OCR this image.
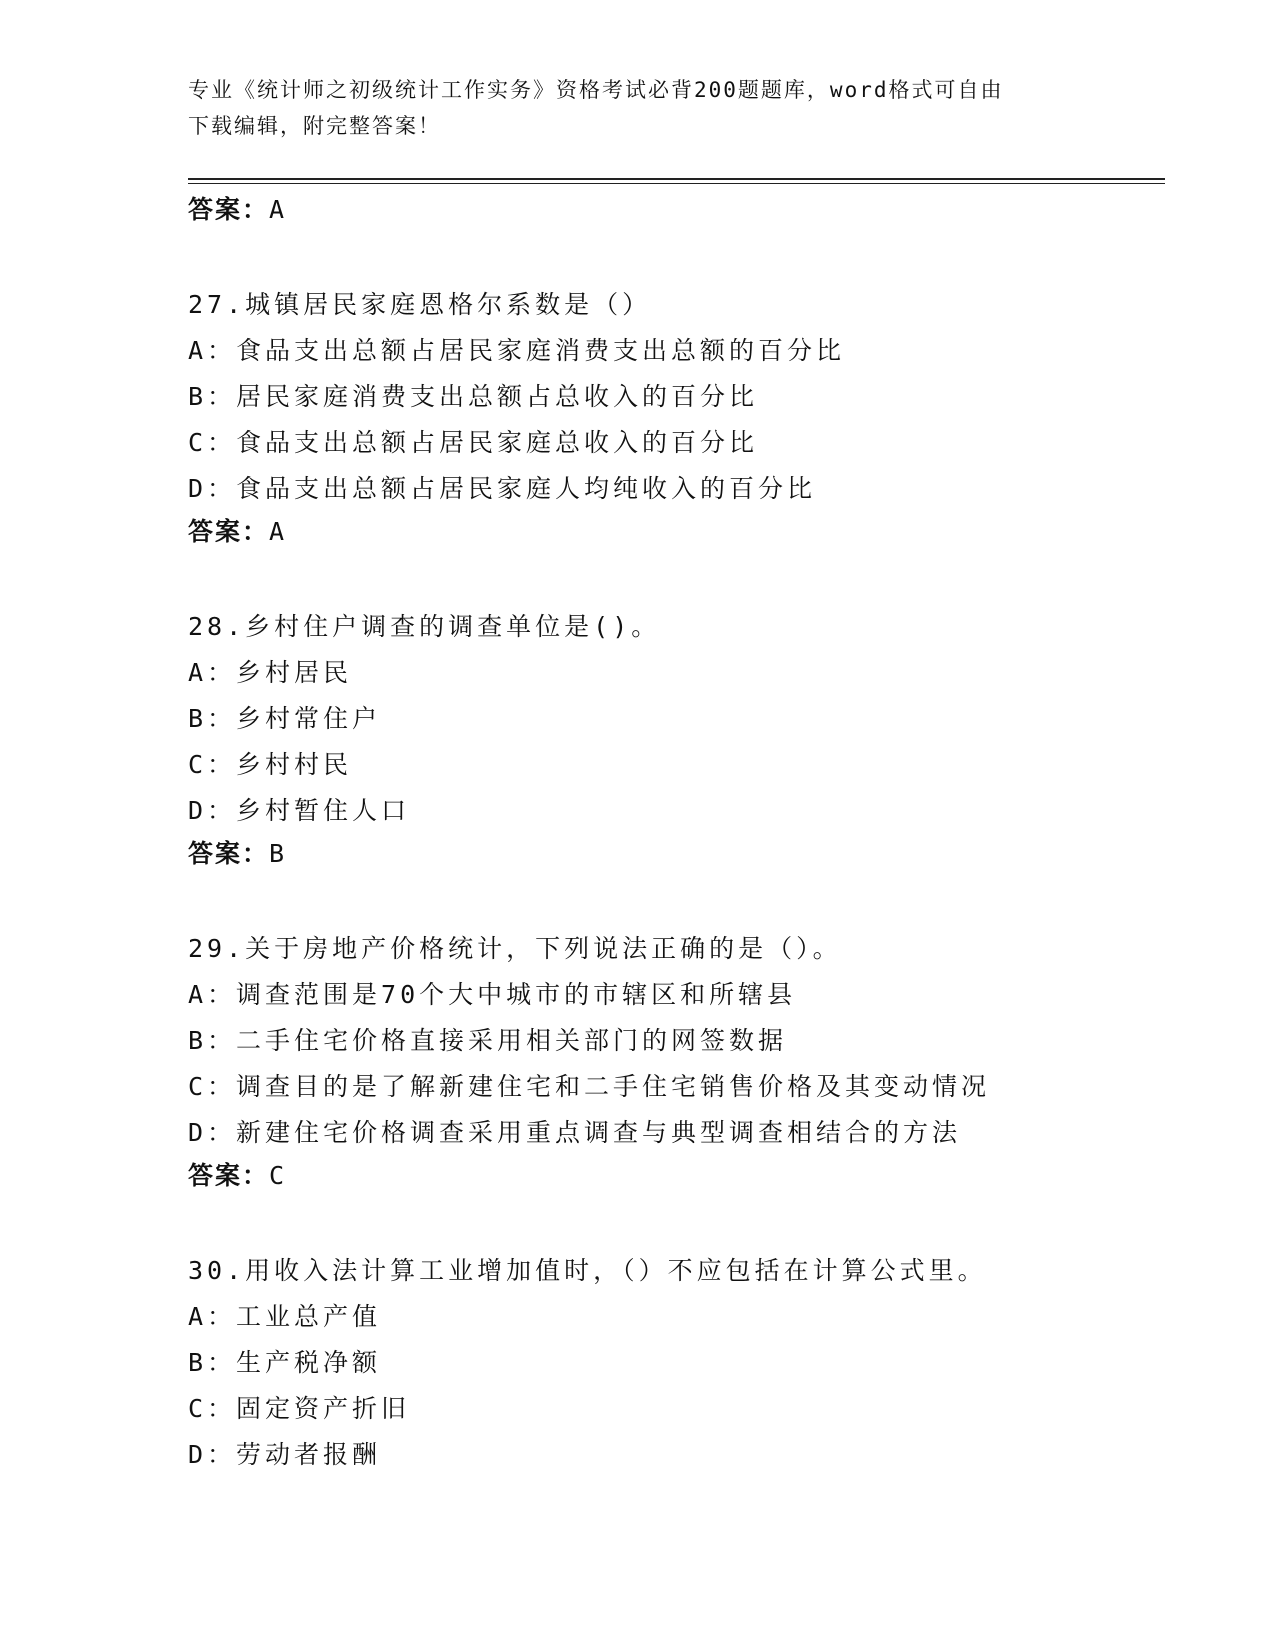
专业《统计师之初级统计工作实务》资格考试必背200题题库，word格式可自由
下载编辑，附完整答案！
答案：A
27.城镇居民家庭恩格尔系数是（）
A：食品支出总额占居民家庭消费支出总额的百分比
B：居民家庭消费支出总额占总收入的百分比
C：食品支出总额占居民家庭总收入的百分比
D：食品支出总额占居民家庭人均纯收入的百分比
答案：A
28.乡村住户调查的调查单位是()。
A：乡村居民
B：乡村常住户
C：乡村村民
D：乡村暂住人口
答案：B
29.关于房地产价格统计，下列说法正确的是（）。
A：调查范围是70个大中城市的市辖区和所辖县
B：二手住宅价格直接采用相关部门的网签数据
C：调查目的是了解新建住宅和二手住宅销售价格及其变动情况
D：新建住宅价格调查采用重点调查与典型调查相结合的方法
答案：C
30.用收入法计算工业增加值时，（）不应包括在计算公式里。
A：工业总产值
B：生产税净额
C：固定资产折旧
D：劳动者报酬
